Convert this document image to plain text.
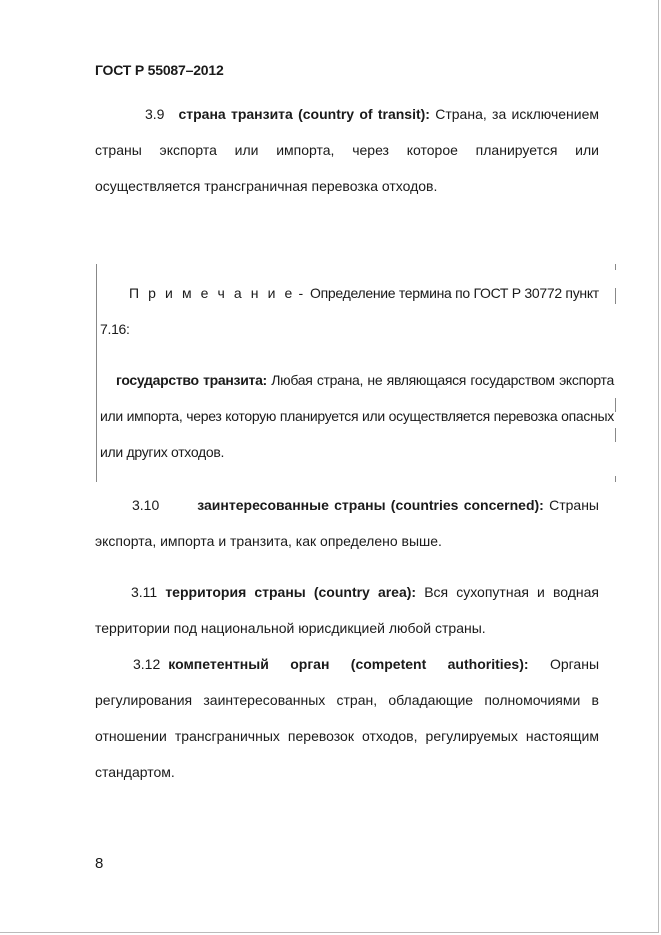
ГОСТ Р 55087–2012
3.9 страна транзита (country of transit): Страна, за исключением страны экспорта или импорта, через которое планируется или осуществляется трансграничная перевозка отходов.
П р и м е ч а н и е -  Определение термина по ГОСТ Р 30772 пункт
7.16:
государство транзита: Любая страна, не являющаяся государством экспорта или импорта, через которую планируется или осуществляется перевозка опасных или других отходов.
3.10	заинтересованные страны (countries concerned): Страны экспорта, импорта и транзита, как определено выше.
3.11 территория страны (country area): Вся сухопутная и водная территории под национальной юрисдикцией любой страны.
3.12 компетентный орган (competent authorities): Органы регулирования заинтересованных стран, обладающие полномочиями в отношении трансграничных перевозок отходов, регулируемых настоящим стандартом.
8
